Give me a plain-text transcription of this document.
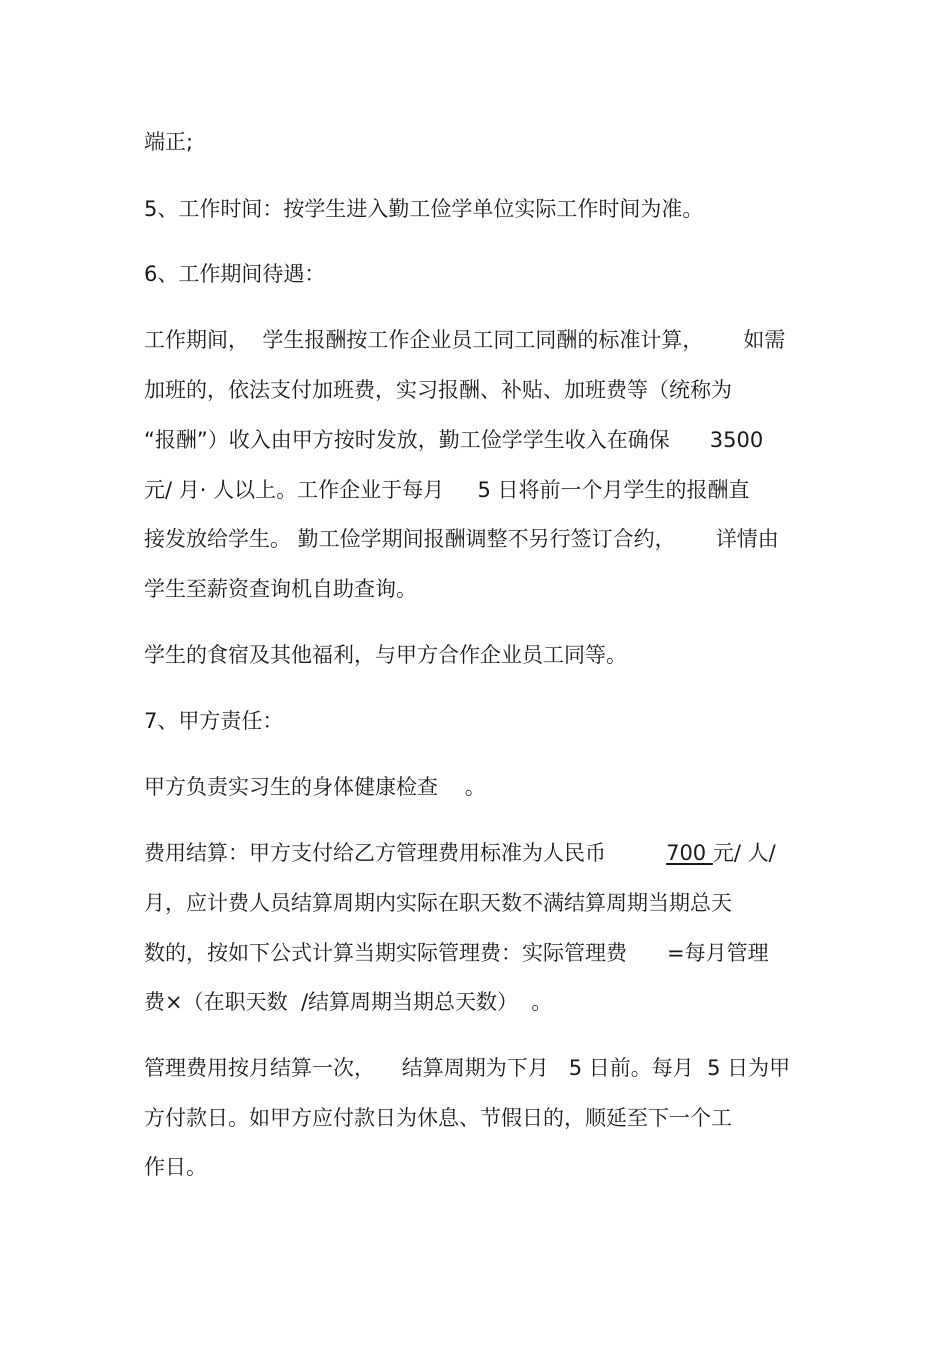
端正;

5、工作时间：按学生进入勤工俭学单位实际工作时间为准。

6、工作期间待遇：

工作期间，  学生报酬按工作企业员工同工同酬的标准计算，      如需

加班的，依法支付加班费，实习报酬、补贴、加班费等（统称为

“报酬”）收入由甲方按时发放，勤工俭学学生收入在确保      3500

元/ 月· 人以上。工作企业于每月     5 日将前一个月学生的报酬直

接发放给学生。 勤工俭学期间报酬调整不另行签订合约，      详情由

学生至薪资查询机自助查询。

学生的食宿及其他福利，与甲方合作企业员工同等。

7、甲方责任：

甲方负责实习生的身体健康检查    。

费用结算：甲方支付给乙方管理费用标准为人民币         700 元/ 人/

月，应计费人员结算周期内实际在职天数不满结算周期当期总天

数的，按如下公式计算当期实际管理费：实际管理费      =每月管理

费×（在职天数  /结算周期当期总天数）  。

管理费用按月结算一次，    结算周期为下月   5 日前。每月  5 日为甲

方付款日。如甲方应付款日为休息、节假日的，顺延至下一个工

作日。
